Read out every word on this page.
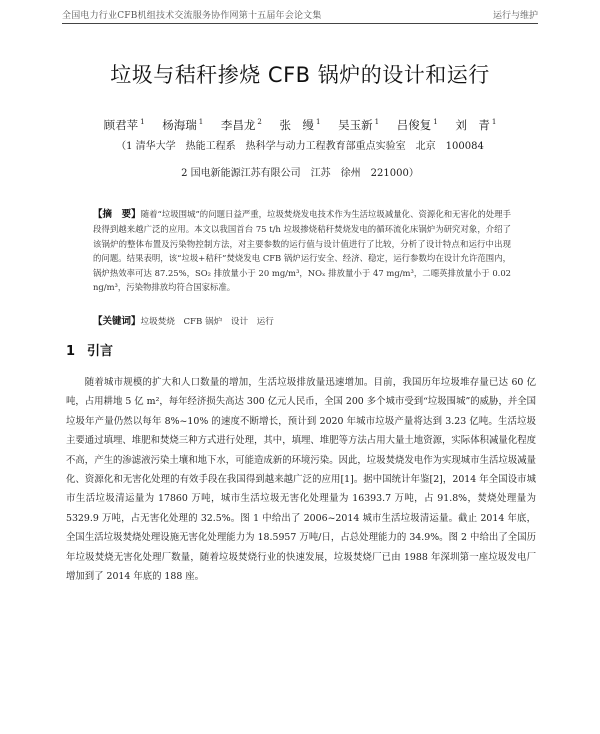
全国电力行业CFB机组技术交流服务协作网第十五届年会论文集	运行与维护
垃圾与秸秆掺烧 CFB 锅炉的设计和运行
顾君苹 $^1$ 杨海瑞 $^1$ 李昌龙 $^2$ 张　缦 $^1$ 吴玉新 $^1$ 吕俊复 $^1$ 刘　青 $^1$
（1 清华大学　热能工程系　热科学与动力工程教育部重点实验室　北京　100084
2 国电新能源江苏有限公司　江苏　徐州　221000）
【摘　要】随着“垃圾围城”的问题日益严重，垃圾焚烧发电技术作为生活垃圾减量化、资源化和无害化的处理手段得到越来越广泛的应用。本文以我国首台 75 t/h 垃圾掺烧秸秆焚烧发电的循环流化床锅炉为研究对象，介绍了该锅炉的整体布置及污染物控制方法，对主要参数的运行值与设计值进行了比较，分析了设计特点和运行中出现的问题。结果表明，该“垃圾+秸秆”焚烧发电 CFB 锅炉运行安全、经济、稳定，运行参数均在设计允许范围内，锅炉热效率可达 87.25%，SO₂ 排放量小于 20 mg/m³，NOₓ 排放量小于 47 mg/m³，二噁英排放量小于 0.02 ng/m³，污染物排放均符合国家标准。
【关键词】垃圾焚烧　CFB 锅炉　设计　运行
1 引言
随着城市规模的扩大和人口数量的增加，生活垃圾排放量迅速增加。目前，我国历年垃圾堆存量已达 60 亿吨，占用耕地 5 亿 m²，每年经济损失高达 300 亿元人民币，全国 200 多个城市受到“垃圾围城”的威胁，并全国垃圾年产量仍然以每年 8%~10% 的速度不断增长，预计到 2020 年城市垃圾产量将达到 3.23 亿吨。生活垃圾主要通过填埋、堆肥和焚烧三种方式进行处理，其中，填埋、堆肥等方法占用大量土地资源，实际体积减量化程度不高，产生的渗滤液污染土壤和地下水，可能造成新的环境污染。因此，垃圾焚烧发电作为实现城市生活垃圾减量化、资源化和无害化处理的有效手段在我国得到越来越广泛的应用[1]。据中国统计年鉴[2]，2014 年全国设市城市生活垃圾清运量为 17860 万吨，城市生活垃圾无害化处理量为 16393.7 万吨，占 91.8%，焚烧处理量为 5329.9 万吨，占无害化处理的 32.5%。图 1 中给出了 2006~2014 城市生活垃圾清运量。截止 2014 年底，全国生活垃圾焚烧处理设施无害化处理能力为 18.5957 万吨/日，占总处理能力的 34.9%。图 2 中给出了全国历年垃圾焚烧无害化处理厂数量，随着垃圾焚烧行业的快速发展，垃圾焚烧厂已由 1988 年深圳第一座垃圾发电厂增加到了 2014 年底的 188 座。
